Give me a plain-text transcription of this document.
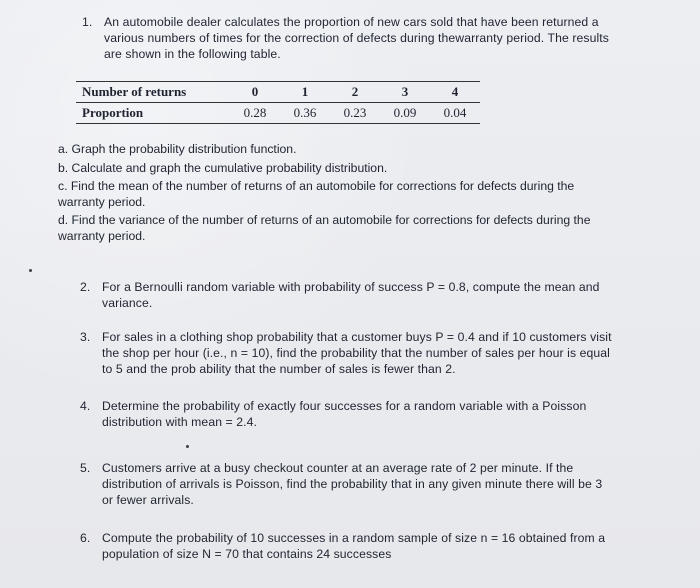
1. An automobile dealer calculates the proportion of new cars sold that have been returned a
various numbers of times for the correction of defects during thewarranty period. The results
are shown in the following table.
Number of returns	0	1	2	3	4
Proportion	0.28	0.36	0.23	0.09	0.04
a. Graph the probability distribution function.
b. Calculate and graph the cumulative probability distribution.
c. Find the mean of the number of returns of an automobile for corrections for defects during the
warranty period.
d. Find the variance of the number of returns of an automobile for corrections for defects during the
warranty period.
2. For a Bernoulli random variable with probability of success P = 0.8, compute the mean and
variance.
3. For sales in a clothing shop probability that a customer buys P = 0.4 and if 10 customers visit
the shop per hour (i.e., n = 10), find the probability that the number of sales per hour is equal
to 5 and the prob ability that the number of sales is fewer than 2.
4. Determine the probability of exactly four successes for a random variable with a Poisson
distribution with mean = 2.4.
5. Customers arrive at a busy checkout counter at an average rate of 2 per minute. If the
distribution of arrivals is Poisson, find the probability that in any given minute there will be 3
or fewer arrivals.
6. Compute the probability of 10 successes in a random sample of size n = 16 obtained from a
population of size N = 70 that contains 24 successes
